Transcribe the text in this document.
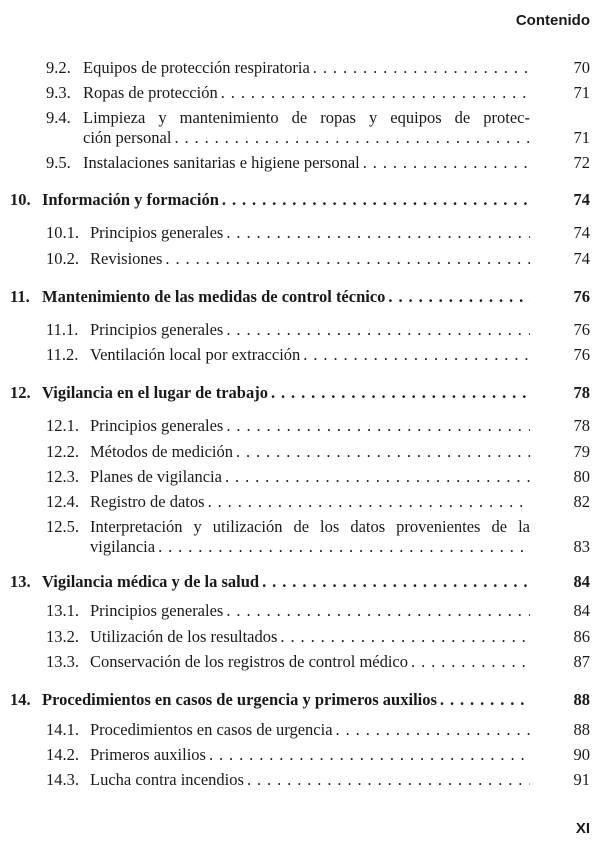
Contenido
9.2. Equipos de protección respiratoria . . .	70
9.3. Ropas de protección . . .	71
9.4. Limpieza y mantenimiento de ropas y equipos de protec-
ción personal . . .	71
9.5. Instalaciones sanitarias e higiene personal . . .	72
10. Información y formación . . .	74
10.1. Principios generales . . .	74
10.2. Revisiones . . .	74
11. Mantenimiento de las medidas de control técnico . . .	76
11.1. Principios generales . . .	76
11.2. Ventilación local por extracción . . .	76
12. Vigilancia en el lugar de trabajo . . .	78
12.1. Principios generales . . .	78
12.2. Métodos de medición . . .	79
12.3. Planes de vigilancia . . .	80
12.4. Registro de datos . . .	82
12.5. Interpretación y utilización de los datos provenientes de la
vigilancia . . .	83
13. Vigilancia médica y de la salud . . .	84
13.1. Principios generales . . .	84
13.2. Utilización de los resultados . . .	86
13.3. Conservación de los registros de control médico . . .	87
14. Procedimientos en casos de urgencia y primeros auxilios . . .	88
14.1. Procedimientos en casos de urgencia . . .	88
14.2. Primeros auxilios . . .	90
14.3. Lucha contra incendios . . .	91
XI
